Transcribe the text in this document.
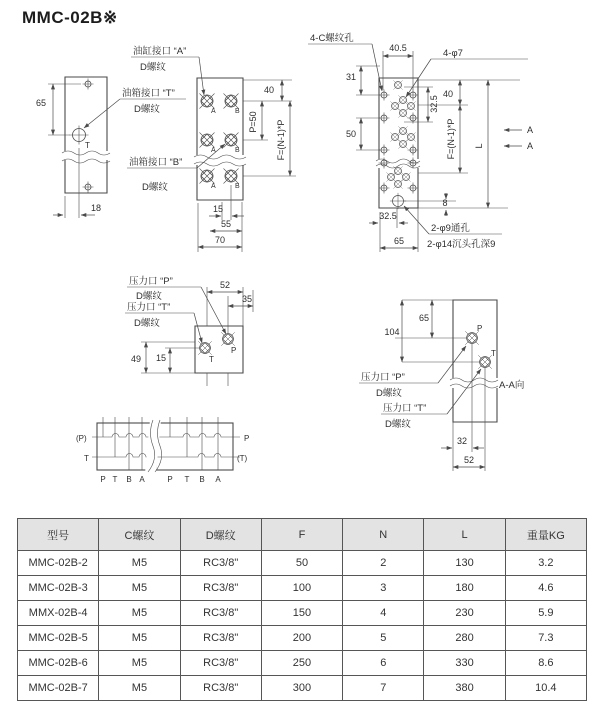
MMC-02B※
T
65
18
油缸接口 “A”
D螺纹
油箱接口 “T”
D螺纹
油箱接口 “B”
D螺纹
A	B
A	B
A	B
40
P=50 F=(N-1)*P
15
55
70
4-C螺纹孔
40.5	4-φ7
31
50
32.5
40
F=(N-1)*P L
A
A
8
32.5
65
2-φ9通孔
2-φ14沉头孔深9
P
T
52
35
49 15
压力口 “P”
D螺纹
压力口 “T”
D螺纹
(P)
T
P
(T)
P T B A	P T B A
P
T
65
104
32
52
压力口 “P”
D螺纹
压力口 “T”
D螺纹
A-A向
型号	C螺纹	D螺纹	F	N	L	重量KG
MMC-02B-2	M5	RC3/8"	50	2	130	3.2
MMC-02B-3	M5	RC3/8"	100	3	180	4.6
MMX-02B-4	M5	RC3/8"	150	4	230	5.9
MMC-02B-5	M5	RC3/8"	200	5	280	7.3
MMC-02B-6	M5	RC3/8"	250	6	330	8.6
MMC-02B-7	M5	RC3/8"	300	7	380	10.4
